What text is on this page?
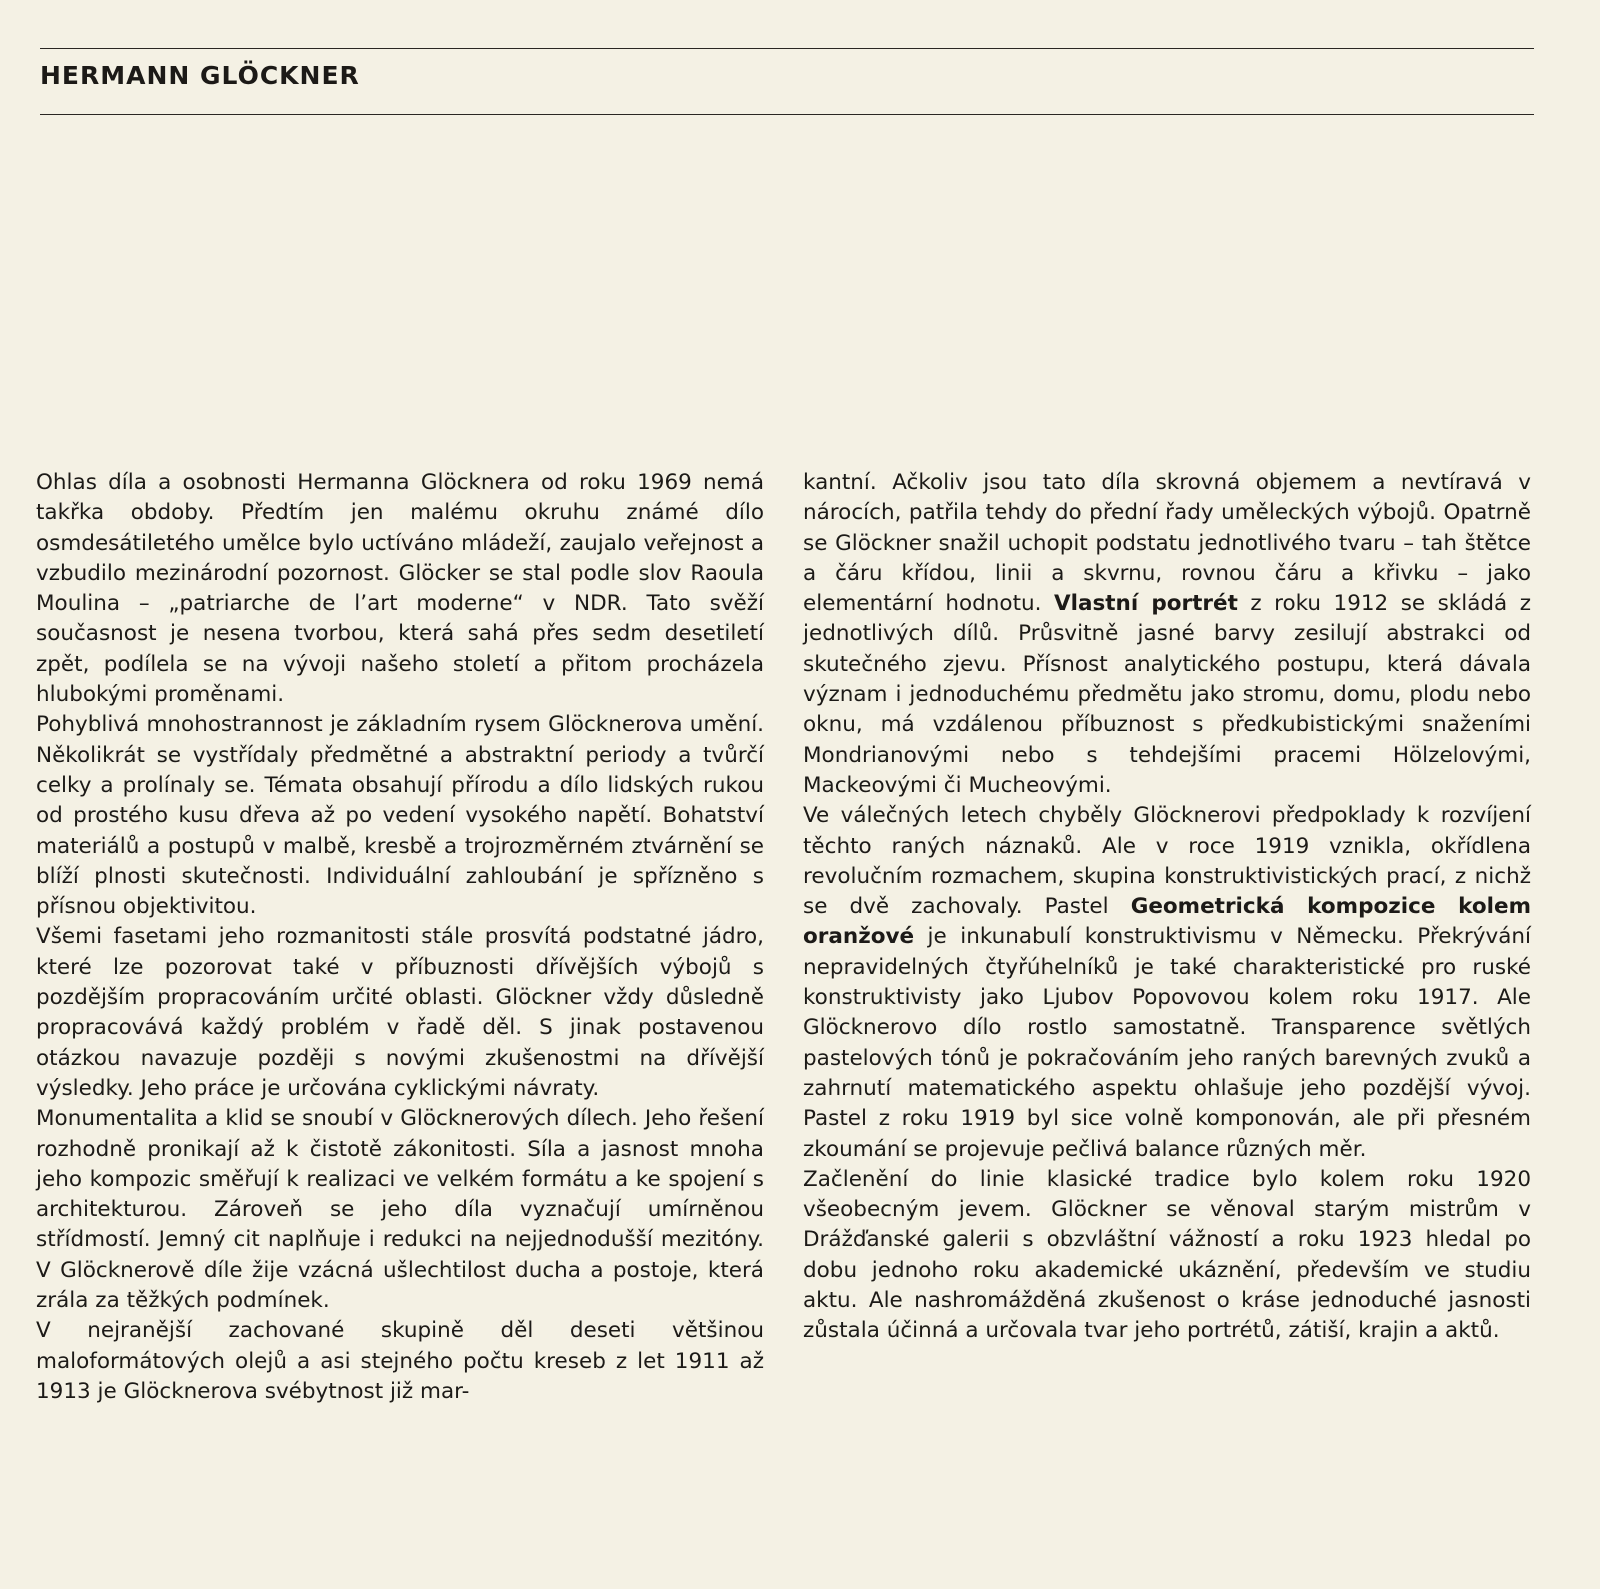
HERMANN GLÖCKNER

Ohlas díla a osobnosti Hermanna Glöcknera od roku 1969 nemá takřka obdoby. Předtím jen malému okruhu známé dílo osmdesátiletého umělce bylo uctíváno mládeží, zaujalo veřejnost a vzbudilo mezinárodní pozornost. Glöcker se stal podle slov Raoula Moulina – „patriarche de l’art moderne“ v NDR. Tato svěží současnost je nesena tvorbou, která sahá přes sedm desetiletí zpět, podílela se na vývoji našeho století a přitom procházela hlubokými proměnami.

Pohyblivá mnohostrannost je základním rysem Glöcknerova umění. Několikrát se vystřídaly předmětné a abstraktní periody a tvůrčí celky a prolínaly se. Témata obsahují přírodu a dílo lidských rukou od prostého kusu dřeva až po vedení vysokého napětí. Bohatství materiálů a postupů v malbě, kresbě a trojrozměrném ztvárnění se blíží plnosti skutečnosti. Individuální zahloubání je spřízněno s přísnou objektivitou.

Všemi fasetami jeho rozmanitosti stále prosvítá podstatné jádro, které lze pozorovat také v příbuznosti dřívějších výbojů s pozdějším propracováním určité oblasti. Glöckner vždy důsledně propracovává každý problém v řadě děl. S jinak postavenou otázkou navazuje později s novými zkušenostmi na dřívější výsledky. Jeho práce je určována cyklickými návraty.

Monumentalita a klid se snoubí v Glöcknerových dílech. Jeho řešení rozhodně pronikají až k čistotě zákonitosti. Síla a jasnost mnoha jeho kompozic směřují k realizaci ve velkém formátu a ke spojení s architekturou. Zároveň se jeho díla vyznačují umírněnou střídmostí. Jemný cit naplňuje i redukci na nejjednodušší mezitóny. V Glöcknerově díle žije vzácná ušlechtilost ducha a postoje, která zrála za těžkých podmínek.

V nejranější zachované skupině děl deseti většinou maloformátových olejů a asi stejného počtu kreseb z let 1911 až 1913 je Glöcknerova svébytnost již mar-

kantní. Ačkoliv jsou tato díla skrovná objemem a nevtíravá v nárocích, patřila tehdy do přední řady uměleckých výbojů. Opatrně se Glöckner snažil uchopit podstatu jednotlivého tvaru – tah štětce a čáru křídou, linii a skvrnu, rovnou čáru a křivku – jako elementární hodnotu. Vlastní portrét z roku 1912 se skládá z jednotlivých dílů. Průsvitně jasné barvy zesilují abstrakci od skutečného zjevu. Přísnost analytického postupu, která dávala význam i jednoduchému předmětu jako stromu, domu, plodu nebo oknu, má vzdálenou příbuznost s předkubistickými snaženími Mondrianovými nebo s tehdejšími pracemi Hölzelovými, Mackeovými či Mucheovými.

Ve válečných letech chyběly Glöcknerovi předpoklady k rozvíjení těchto raných náznaků. Ale v roce 1919 vznikla, okřídlena revolučním rozmachem, skupina konstruktivistických prací, z nichž se dvě zachovaly. Pastel Geometrická kompozice kolem oranžové je inkunabulí konstruktivismu v Německu. Překrývání nepravidelných čtyřúhelníků je také charakteristické pro ruské konstruktivisty jako Ljubov Popovovou kolem roku 1917. Ale Glöcknerovo dílo rostlo samostatně. Transparence světlých pastelových tónů je pokračováním jeho raných barevných zvuků a zahrnutí matematického aspektu ohlašuje jeho pozdější vývoj. Pastel z roku 1919 byl sice volně komponován, ale při přesném zkoumání se projevuje pečlivá balance různých měr.

Začlenění do linie klasické tradice bylo kolem roku 1920 všeobecným jevem. Glöckner se věnoval starým mistrům v Drážďanské galerii s obzvláštní vážností a roku 1923 hledal po dobu jednoho roku akademické ukáznění, především ve studiu aktu. Ale nashromážděná zkušenost o kráse jednoduché jasnosti zůstala účinná a určovala tvar jeho portrétů, zátiší, krajin a aktů.
